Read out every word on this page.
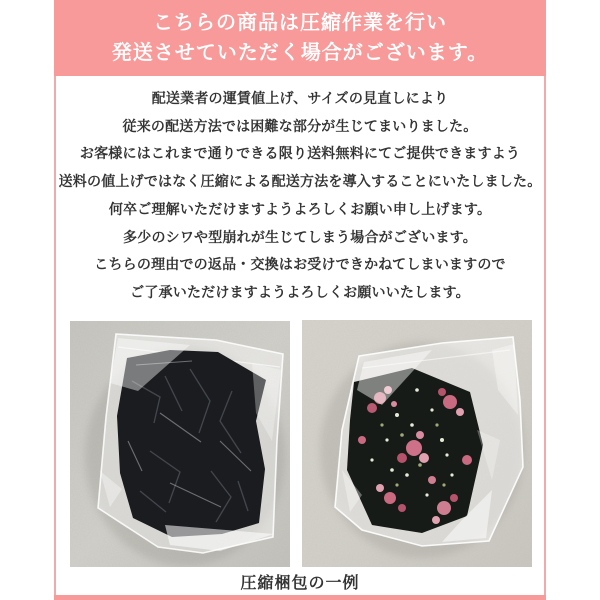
こちらの商品は圧縮作業を行い
発送させていただく場合がございます。

配送業者の運賃値上げ、サイズの見直しにより

従来の配送方法では困難な部分が生じてまいりました。

お客様にはこれまで通りできる限り送料無料にてご提供できますよう

送料の値上げではなく圧縮による配送方法を導入することにいたしました。

何卒ご理解いただけますようよろしくお願い申し上げます。

多少のシワや型崩れが生じてしまう場合がございます。

こちらの理由での返品・交換はお受けできかねてしまいますので

ご了承いただけますようよろしくお願いいたします。

圧縮梱包の一例
